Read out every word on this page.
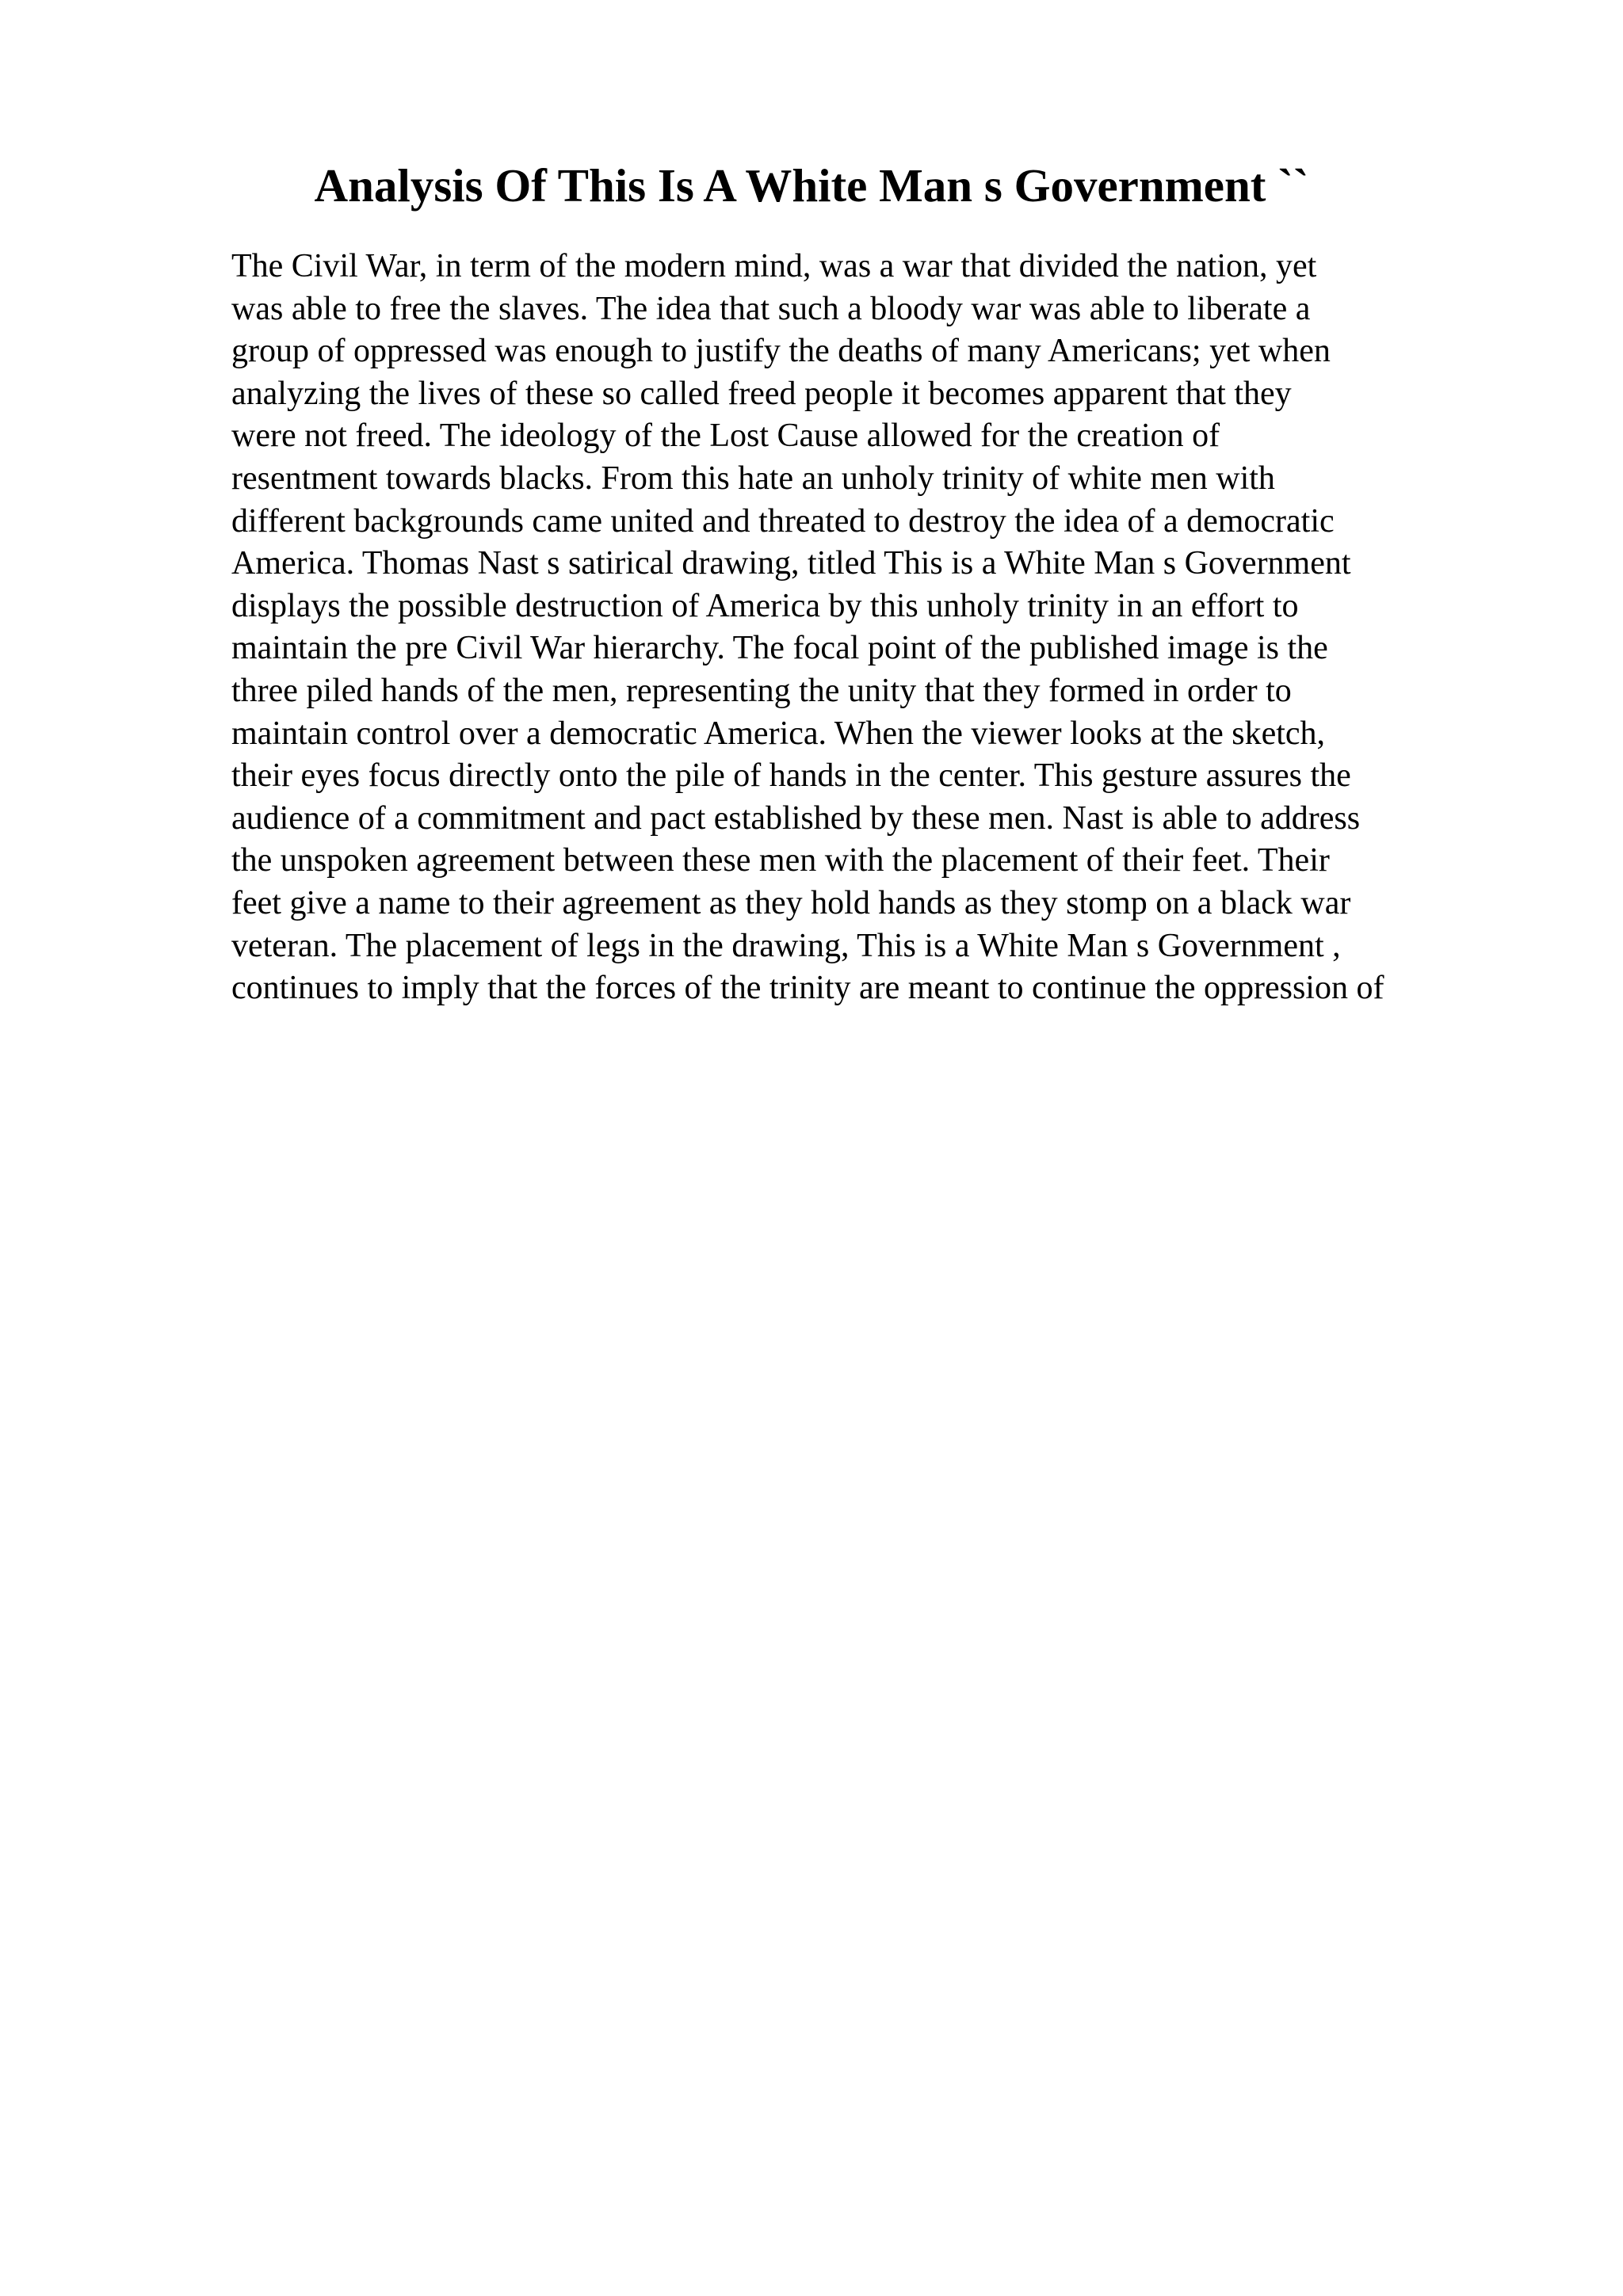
Analysis Of This Is A White Man s Government ``
The Civil War, in term of the modern mind, was a war that divided the nation, yet
was able to free the slaves. The idea that such a bloody war was able to liberate a
group of oppressed was enough to justify the deaths of many Americans; yet when
analyzing the lives of these so called freed people it becomes apparent that they
were not freed. The ideology of the Lost Cause allowed for the creation of
resentment towards blacks. From this hate an unholy trinity of white men with
different backgrounds came united and threated to destroy the idea of a democratic
America. Thomas Nast s satirical drawing, titled This is a White Man s Government
displays the possible destruction of America by this unholy trinity in an effort to
maintain the pre Civil War hierarchy. The focal point of the published image is the
three piled hands of the men, representing the unity that they formed in order to
maintain control over a democratic America. When the viewer looks at the sketch,
their eyes focus directly onto the pile of hands in the center. This gesture assures the
audience of a commitment and pact established by these men. Nast is able to address
the unspoken agreement between these men with the placement of their feet. Their
feet give a name to their agreement as they hold hands as they stomp on a black war
veteran. The placement of legs in the drawing, This is a White Man s Government ,
continues to imply that the forces of the trinity are meant to continue the oppression of
